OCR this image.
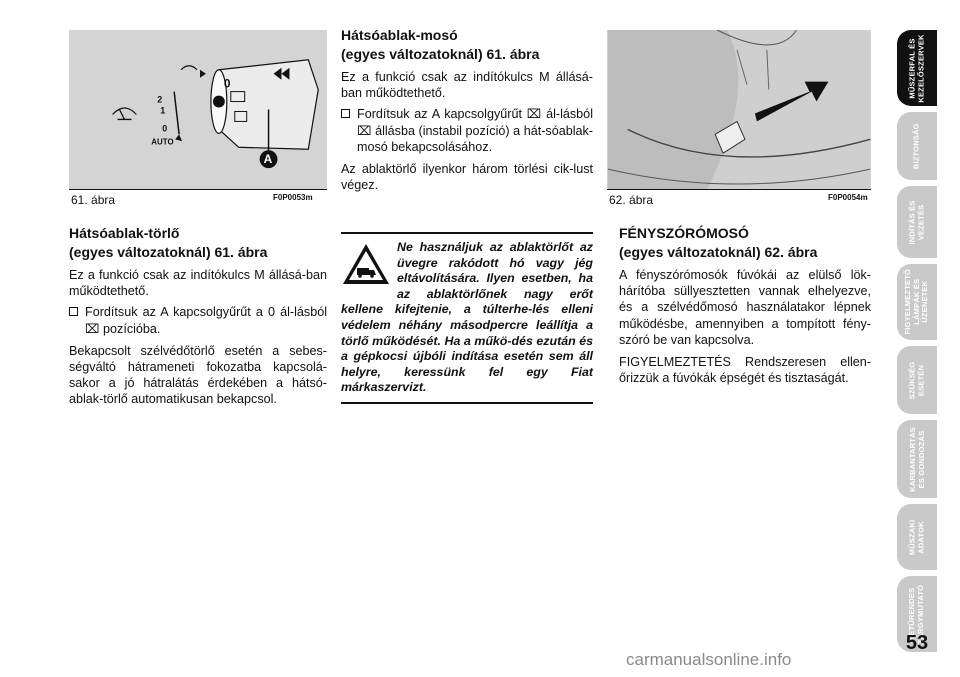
0
2
1
0
AUTO
A
61. ábra	F0P0053m	62. ábra	F0P0054m
Hátsóablak-törlő
(egyes változatoknál) 61. ábra

Ez a funkció csak az indítókulcs M állásá-ban működtethető.

Fordítsuk az A kapcsolgyűrűt a 0 ál-lásból ⌧ pozícióba.

Bekapcsolt szélvédőtörlő esetén a sebes-ségváltó hátrameneti fokozatba kapcsolá-sakor a jó hátralátás érdekében a hátsó-ablak-törlő automatikusan bekapcsol.

Hátsóablak-mosó
(egyes változatoknál) 61. ábra

Ez a funkció csak az indítókulcs M állásá-ban működtethető.

Fordítsuk az A kapcsolgyűrűt ⌧ ál-lásból ⌧ állásba (instabil pozíció) a hát-sóablak-mosó bekapcsolásához.

Az ablaktörlő ilyenkor három törlési cik-lust végez.

Ne használjuk az ablaktörlőt az üvegre rakódott hó vagy jég eltávolítására. Ilyen esetben, ha az ablaktörlőnek nagy erőt kellene kifejtenie, a túlterhe-lés elleni védelem néhány másodpercre leállítja a törlő működését. Ha a műkö-dés ezután és a gépkocsi újbóli indítása esetén sem áll helyre, keressünk fel egy Fiat márkaszervizt.

FÉNYSZÓRÓMOSÓ
(egyes változatoknál) 62. ábra

A fényszórómosók fúvókái az elülső lök-hárítóba süllyesztetten vannak elhelyezve, és a szélvédőmosó használatakor lépnek működésbe, amennyiben a tompított fény-szóró be van kapcsolva.

FIGYELMEZTETÉS Rendszeresen ellen-őrizzük a fúvókák épségét és tisztaságát.

MŰSZERFAL ÉS
KEZELŐSZERVEK
BIZTONSÁG
INDÍTÁS ÉS
VEZETÉS
FIGYELMEZTETŐ
LÁMPÁK ÉS
ÜZENETEK
SZÜKSÉG
ESETÉN
KARBANTARTÁS
ÉS GONDOZÁS
MŰSZAKI
ADATOK
BETŰRENDES
TÁRGYMUTATÓ
53
carmanualsonline.info
